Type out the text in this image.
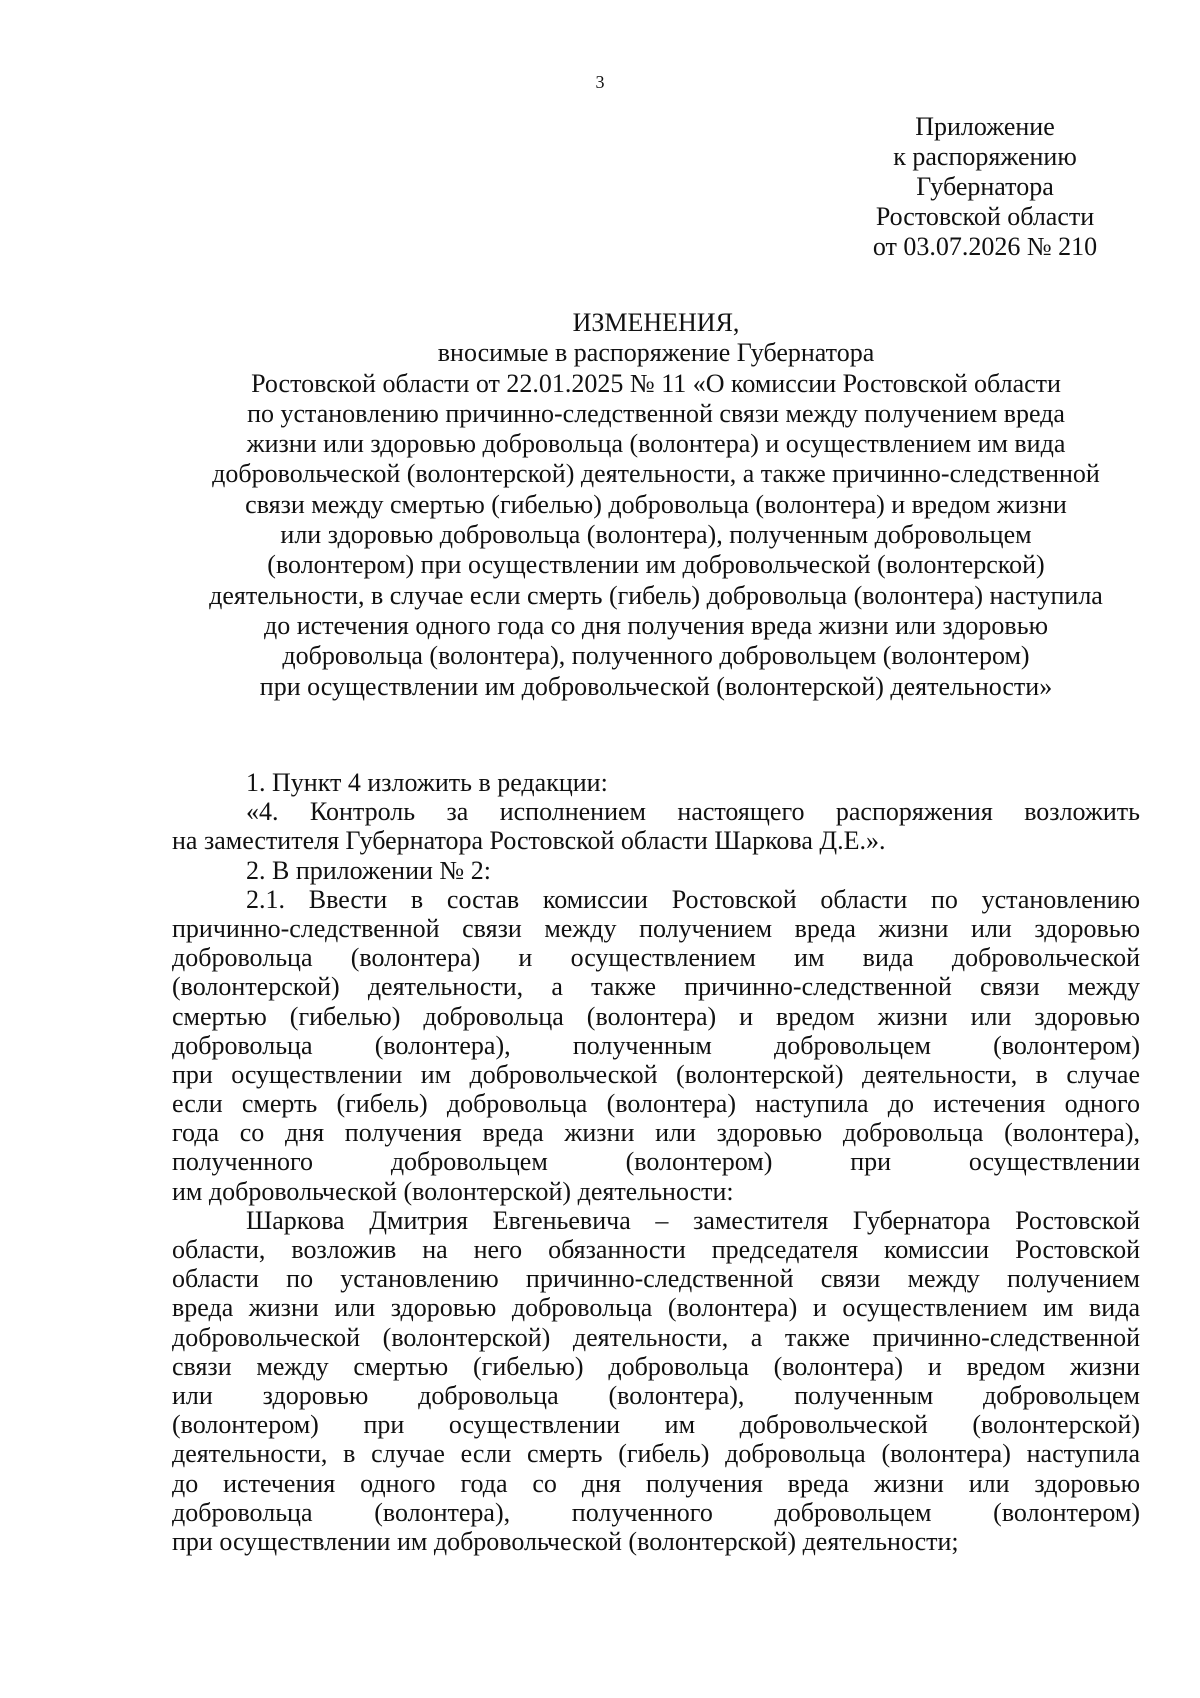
3
Приложение
к распоряжению
Губернатора
Ростовской области
от 03.07.2026 № 210
ИЗМЕНЕНИЯ,
вносимые в распоряжение Губернатора
Ростовской области от 22.01.2025 № 11 «О комиссии Ростовской области
по установлению причинно-следственной связи между получением вреда
жизни или здоровью добровольца (волонтера) и осуществлением им вида
добровольческой (волонтерской) деятельности, а также причинно-следственной
связи между смертью (гибелью) добровольца (волонтера) и вредом жизни
или здоровью добровольца (волонтера), полученным добровольцем
(волонтером) при осуществлении им добровольческой (волонтерской)
деятельности, в случае если смерть (гибель) добровольца (волонтера) наступила
до истечения одного года со дня получения вреда жизни или здоровью
добровольца (волонтера), полученного добровольцем (волонтером)
при осуществлении им добровольческой (волонтерской) деятельности»
1. Пункт 4 изложить в редакции:
«4. Контроль за исполнением настоящего распоряжения возложить
на заместителя Губернатора Ростовской области Шаркова Д.Е.».
2. В приложении № 2:
2.1. Ввести в состав комиссии Ростовской области по установлению
причинно-следственной связи между получением вреда жизни или здоровью
добровольца (волонтера) и осуществлением им вида добровольческой
(волонтерской) деятельности, а также причинно-следственной связи между
смертью (гибелью) добровольца (волонтера) и вредом жизни или здоровью
добровольца (волонтера), полученным добровольцем (волонтером)
при осуществлении им добровольческой (волонтерской) деятельности, в случае
если смерть (гибель) добровольца (волонтера) наступила до истечения одного
года со дня получения вреда жизни или здоровью добровольца (волонтера),
полученного добровольцем (волонтером) при осуществлении
им добровольческой (волонтерской) деятельности:
Шаркова Дмитрия Евгеньевича – заместителя Губернатора Ростовской
области, возложив на него обязанности председателя комиссии Ростовской
области по установлению причинно-следственной связи между получением
вреда жизни или здоровью добровольца (волонтера) и осуществлением им вида
добровольческой (волонтерской) деятельности, а также причинно-следственной
связи между смертью (гибелью) добровольца (волонтера) и вредом жизни
или здоровью добровольца (волонтера), полученным добровольцем
(волонтером) при осуществлении им добровольческой (волонтерской)
деятельности, в случае если смерть (гибель) добровольца (волонтера) наступила
до истечения одного года со дня получения вреда жизни или здоровью
добровольца (волонтера), полученного добровольцем (волонтером)
при осуществлении им добровольческой (волонтерской) деятельности;
